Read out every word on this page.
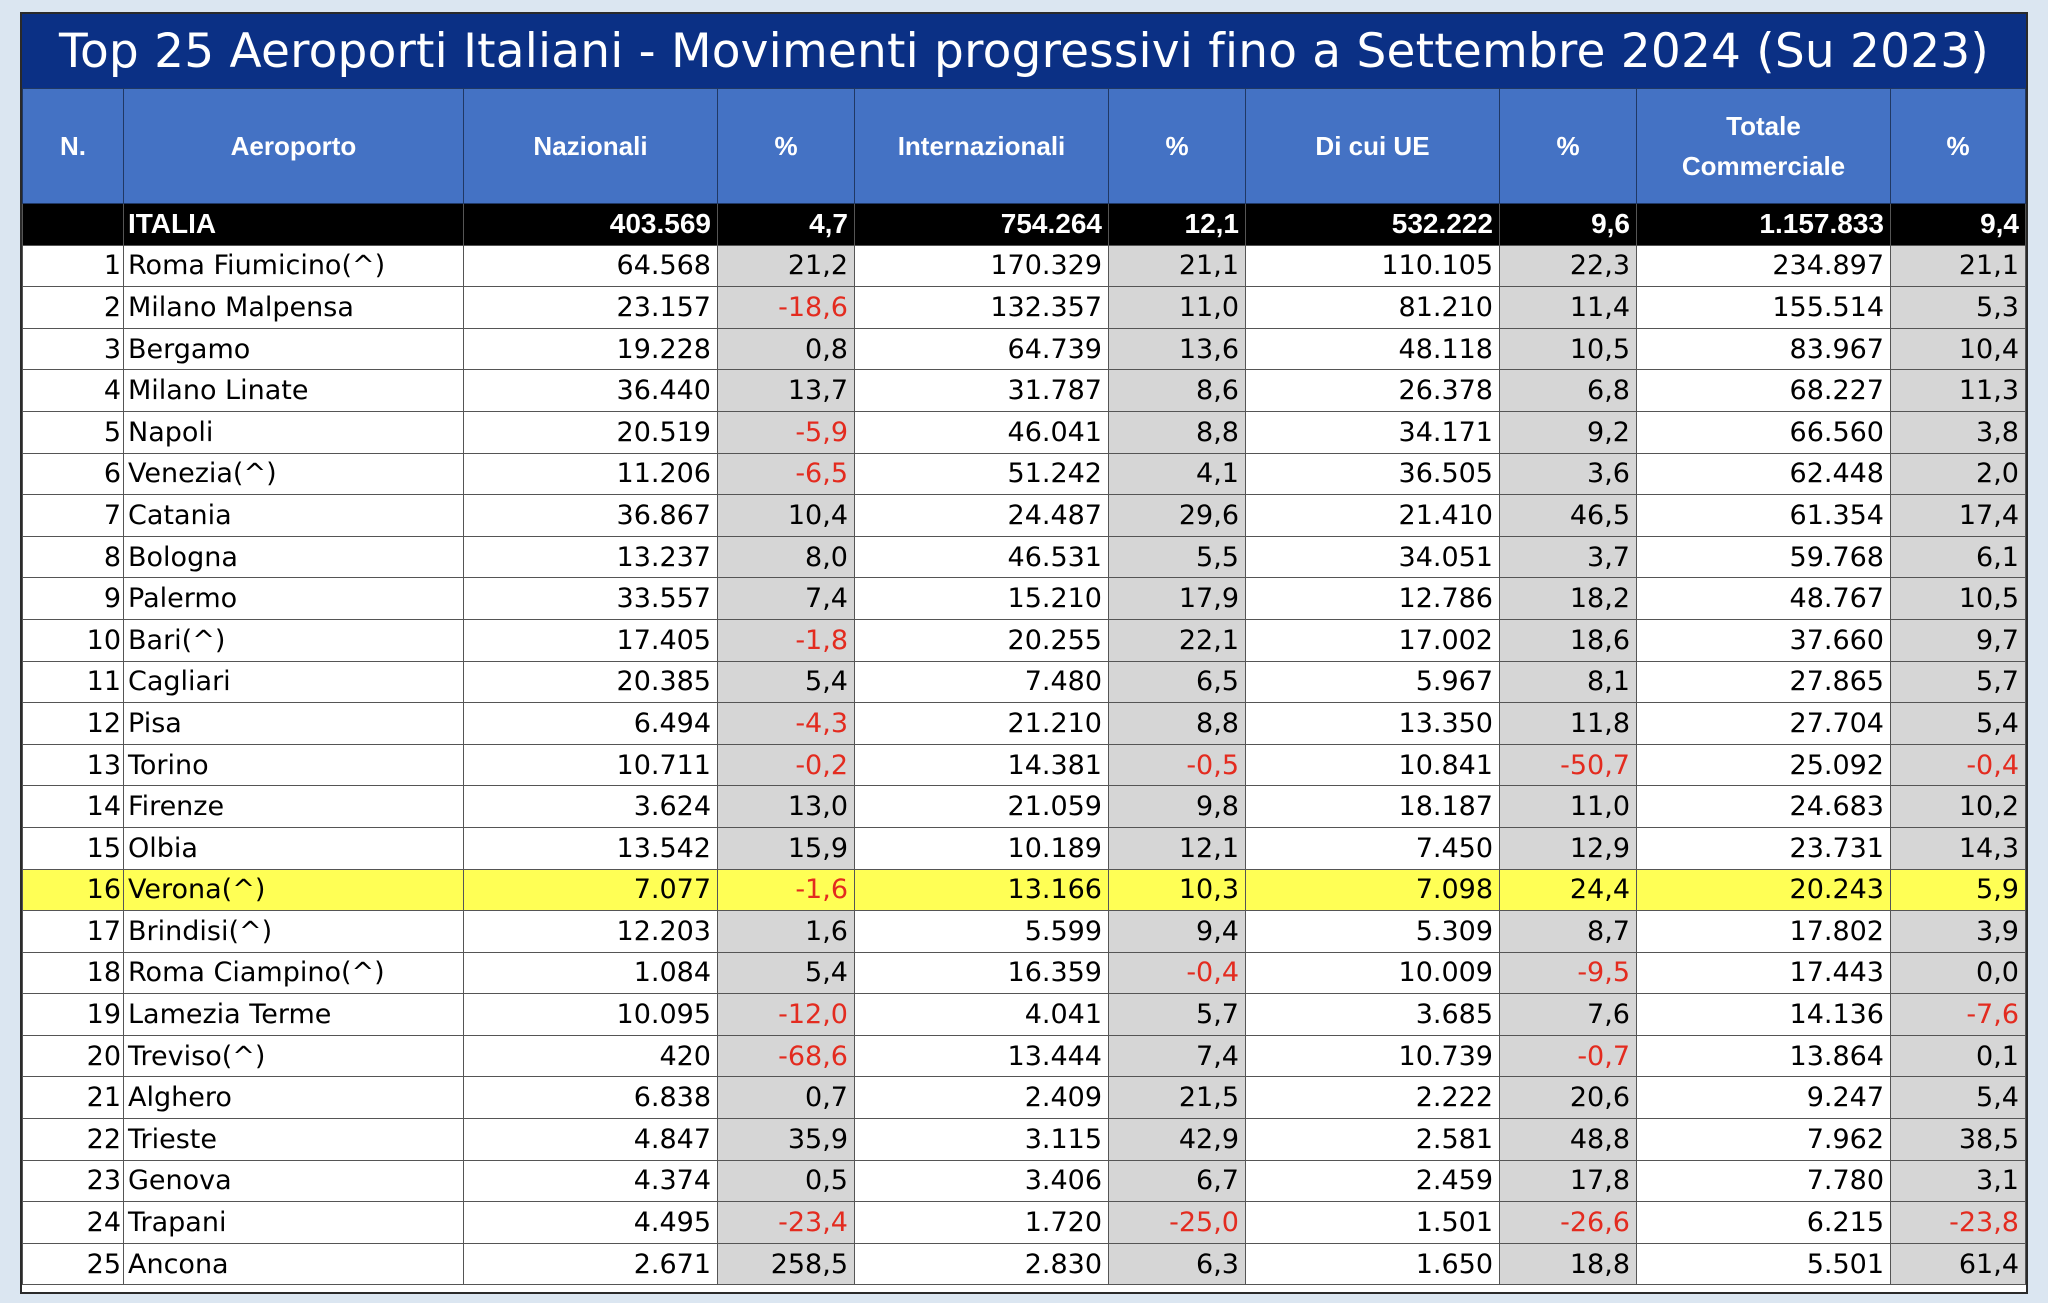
Top 25 Aeroporti Italiani - Movimenti progressivi fino a Settembre 2024 (Su 2023)
N.	Aeroporto	Nazionali	%	Internazionali	%	Di cui UE	%	Totale Commerciale	%
	ITALIA	403.569	4,7	754.264	12,1	532.222	9,6	1.157.833	9,4
1	Roma Fiumicino(^)	64.568	21,2	170.329	21,1	110.105	22,3	234.897	21,1
2	Milano Malpensa	23.157	-18,6	132.357	11,0	81.210	11,4	155.514	5,3
3	Bergamo	19.228	0,8	64.739	13,6	48.118	10,5	83.967	10,4
4	Milano Linate	36.440	13,7	31.787	8,6	26.378	6,8	68.227	11,3
5	Napoli	20.519	-5,9	46.041	8,8	34.171	9,2	66.560	3,8
6	Venezia(^)	11.206	-6,5	51.242	4,1	36.505	3,6	62.448	2,0
7	Catania	36.867	10,4	24.487	29,6	21.410	46,5	61.354	17,4
8	Bologna	13.237	8,0	46.531	5,5	34.051	3,7	59.768	6,1
9	Palermo	33.557	7,4	15.210	17,9	12.786	18,2	48.767	10,5
10	Bari(^)	17.405	-1,8	20.255	22,1	17.002	18,6	37.660	9,7
11	Cagliari	20.385	5,4	7.480	6,5	5.967	8,1	27.865	5,7
12	Pisa	6.494	-4,3	21.210	8,8	13.350	11,8	27.704	5,4
13	Torino	10.711	-0,2	14.381	-0,5	10.841	-50,7	25.092	-0,4
14	Firenze	3.624	13,0	21.059	9,8	18.187	11,0	24.683	10,2
15	Olbia	13.542	15,9	10.189	12,1	7.450	12,9	23.731	14,3
16	Verona(^)	7.077	-1,6	13.166	10,3	7.098	24,4	20.243	5,9
17	Brindisi(^)	12.203	1,6	5.599	9,4	5.309	8,7	17.802	3,9
18	Roma Ciampino(^)	1.084	5,4	16.359	-0,4	10.009	-9,5	17.443	0,0
19	Lamezia Terme	10.095	-12,0	4.041	5,7	3.685	7,6	14.136	-7,6
20	Treviso(^)	420	-68,6	13.444	7,4	10.739	-0,7	13.864	0,1
21	Alghero	6.838	0,7	2.409	21,5	2.222	20,6	9.247	5,4
22	Trieste	4.847	35,9	3.115	42,9	2.581	48,8	7.962	38,5
23	Genova	4.374	0,5	3.406	6,7	2.459	17,8	7.780	3,1
24	Trapani	4.495	-23,4	1.720	-25,0	1.501	-26,6	6.215	-23,8
25	Ancona	2.671	258,5	2.830	6,3	1.650	18,8	5.501	61,4
